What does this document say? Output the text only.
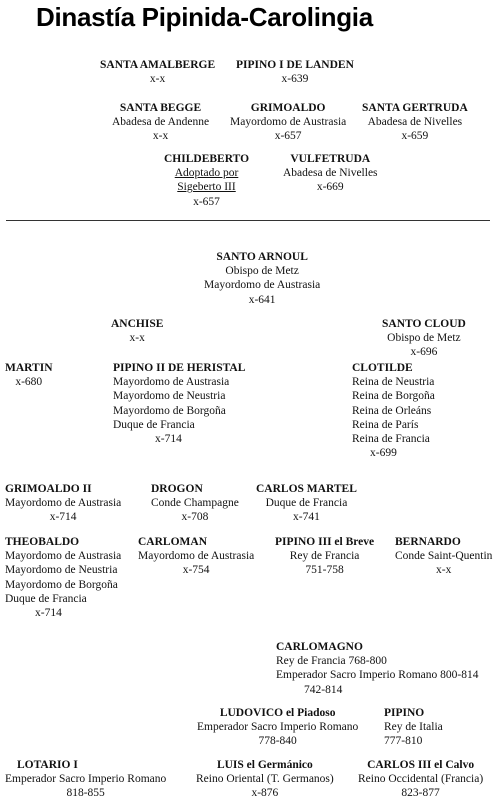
Dinastía Pipinida-Carolingia
SANTA AMALBERGE
x-x
PIPINO I DE LANDEN
x-639
SANTA BEGGE
Abadesa de Andenne
x-x
GRIMOALDO
Mayordomo de Austrasia
x-657
SANTA GERTRUDA
Abadesa de Nivelles
x-659
CHILDEBERTO
Adoptado por
Sigeberto III
x-657
VULFETRUDA
Abadesa de Nivelles
x-669
SANTO ARNOUL
Obispo de Metz
Mayordomo de Austrasia
x-641
ANCHISE
x-x
SANTO CLOUD
Obispo de Metz
x-696
MARTIN
x-680
PIPINO II DE HERISTAL
Mayordomo de Austrasia
Mayordomo de Neustria
Mayordomo de Borgoña
Duque de Francia
x-714
CLOTILDE
Reina de Neustria
Reina de Borgoña
Reina de Orleáns
Reina de París
Reina de Francia
x-699
GRIMOALDO II
Mayordomo de Austrasia
x-714
DROGON
Conde Champagne
x-708
CARLOS MARTEL
Duque de Francia
x-741
THEOBALDO
Mayordomo de Austrasia
Mayordomo de Neustria
Mayordomo de Borgoña
Duque de Francia
x-714
CARLOMAN
Mayordomo de Austrasia
x-754
PIPINO III el Breve
Rey de Francia
751-758
BERNARDO
Conde Saint-Quentin
x-x
CARLOMAGNO
Rey de Francia 768-800
Emperador Sacro Imperio Romano 800-814
742-814
LUDOVICO el Piadoso
Emperador Sacro Imperio Romano
778-840
PIPINO
Rey de Italia
777-810
LOTARIO I
Emperador Sacro Imperio Romano
818-855
LUIS el Germánico
Reino Oriental (T. Germanos)
x-876
CARLOS III el Calvo
Reino Occidental (Francia)
823-877
